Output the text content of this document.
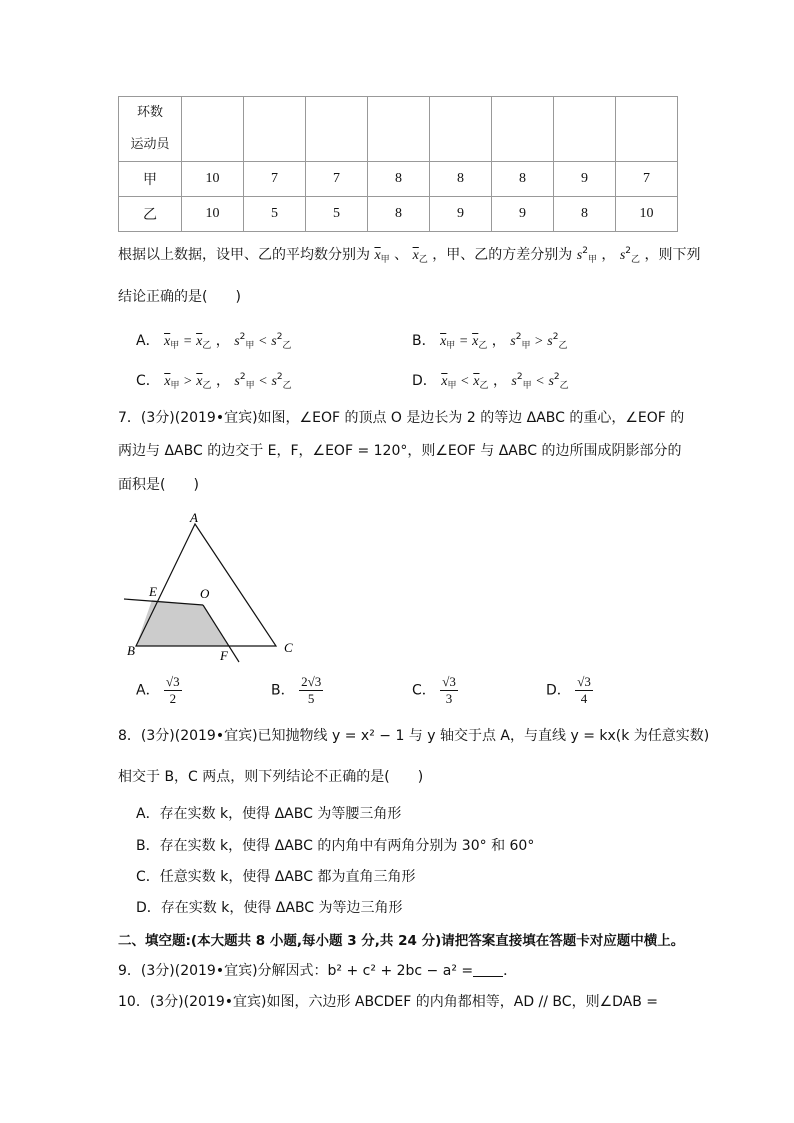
环数
运动员								

甲	10	7	7	8	8	8	9	7
乙	10	5	5	8	9	9	8	10
根据以上数据，设甲、乙的平均数分别为 $\overline{x}_甲$ 、 $\overline{x}_乙$ ，甲、乙的方差分别为 $s^2_甲$ ， $s^2_乙$ ，则下列
结论正确的是(　　)
A． $\overline{x}_甲 = \overline{x}_乙$ ， $s^2_甲 < s^2_乙$	B． $\overline{x}_甲 = \overline{x}_乙$ ， $s^2_甲 > s^2_乙$
C． $\overline{x}_甲 > \overline{x}_乙$ ， $s^2_甲 < s^2_乙$	D． $\overline{x}_甲 < \overline{x}_乙$ ， $s^2_甲 < s^2_乙$
7．(3分)(2019•宜宾)如图，∠EOF 的顶点 O 是边长为 2 的等边 ΔABC 的重心，∠EOF 的
两边与 ΔABC 的边交于 E，F，∠EOF = 120°，则∠EOF 与 ΔABC 的边所围成阴影部分的
面积是(　　)
A
E	O
B	F
C
A． $\frac{√3}{2}$	B． $\frac{2√3}{5}$	C． $\frac{√3}{3}$	D． $\frac{√3}{4}$
8．(3分)(2019•宜宾)已知抛物线 y = x² − 1 与 y 轴交于点 A，与直线 y = kx(k 为任意实数)
相交于 B，C 两点，则下列结论不正确的是(　　)
A．存在实数 k，使得 ΔABC 为等腰三角形
B．存在实数 k，使得 ΔABC 的内角中有两角分别为 30° 和 60°
C．任意实数 k，使得 ΔABC 都为直角三角形
D．存在实数 k，使得 ΔABC 为等边三角形
二、填空题:(本大题共 8 小题,每小题 3 分,共 24 分)请把答案直接填在答题卡对应题中横上。
9．(3分)(2019•宜宾)分解因式：b² + c² + 2bc − a² = ．
10．(3分)(2019•宜宾)如图，六边形 ABCDEF 的内角都相等，AD // BC，则∠DAB =
